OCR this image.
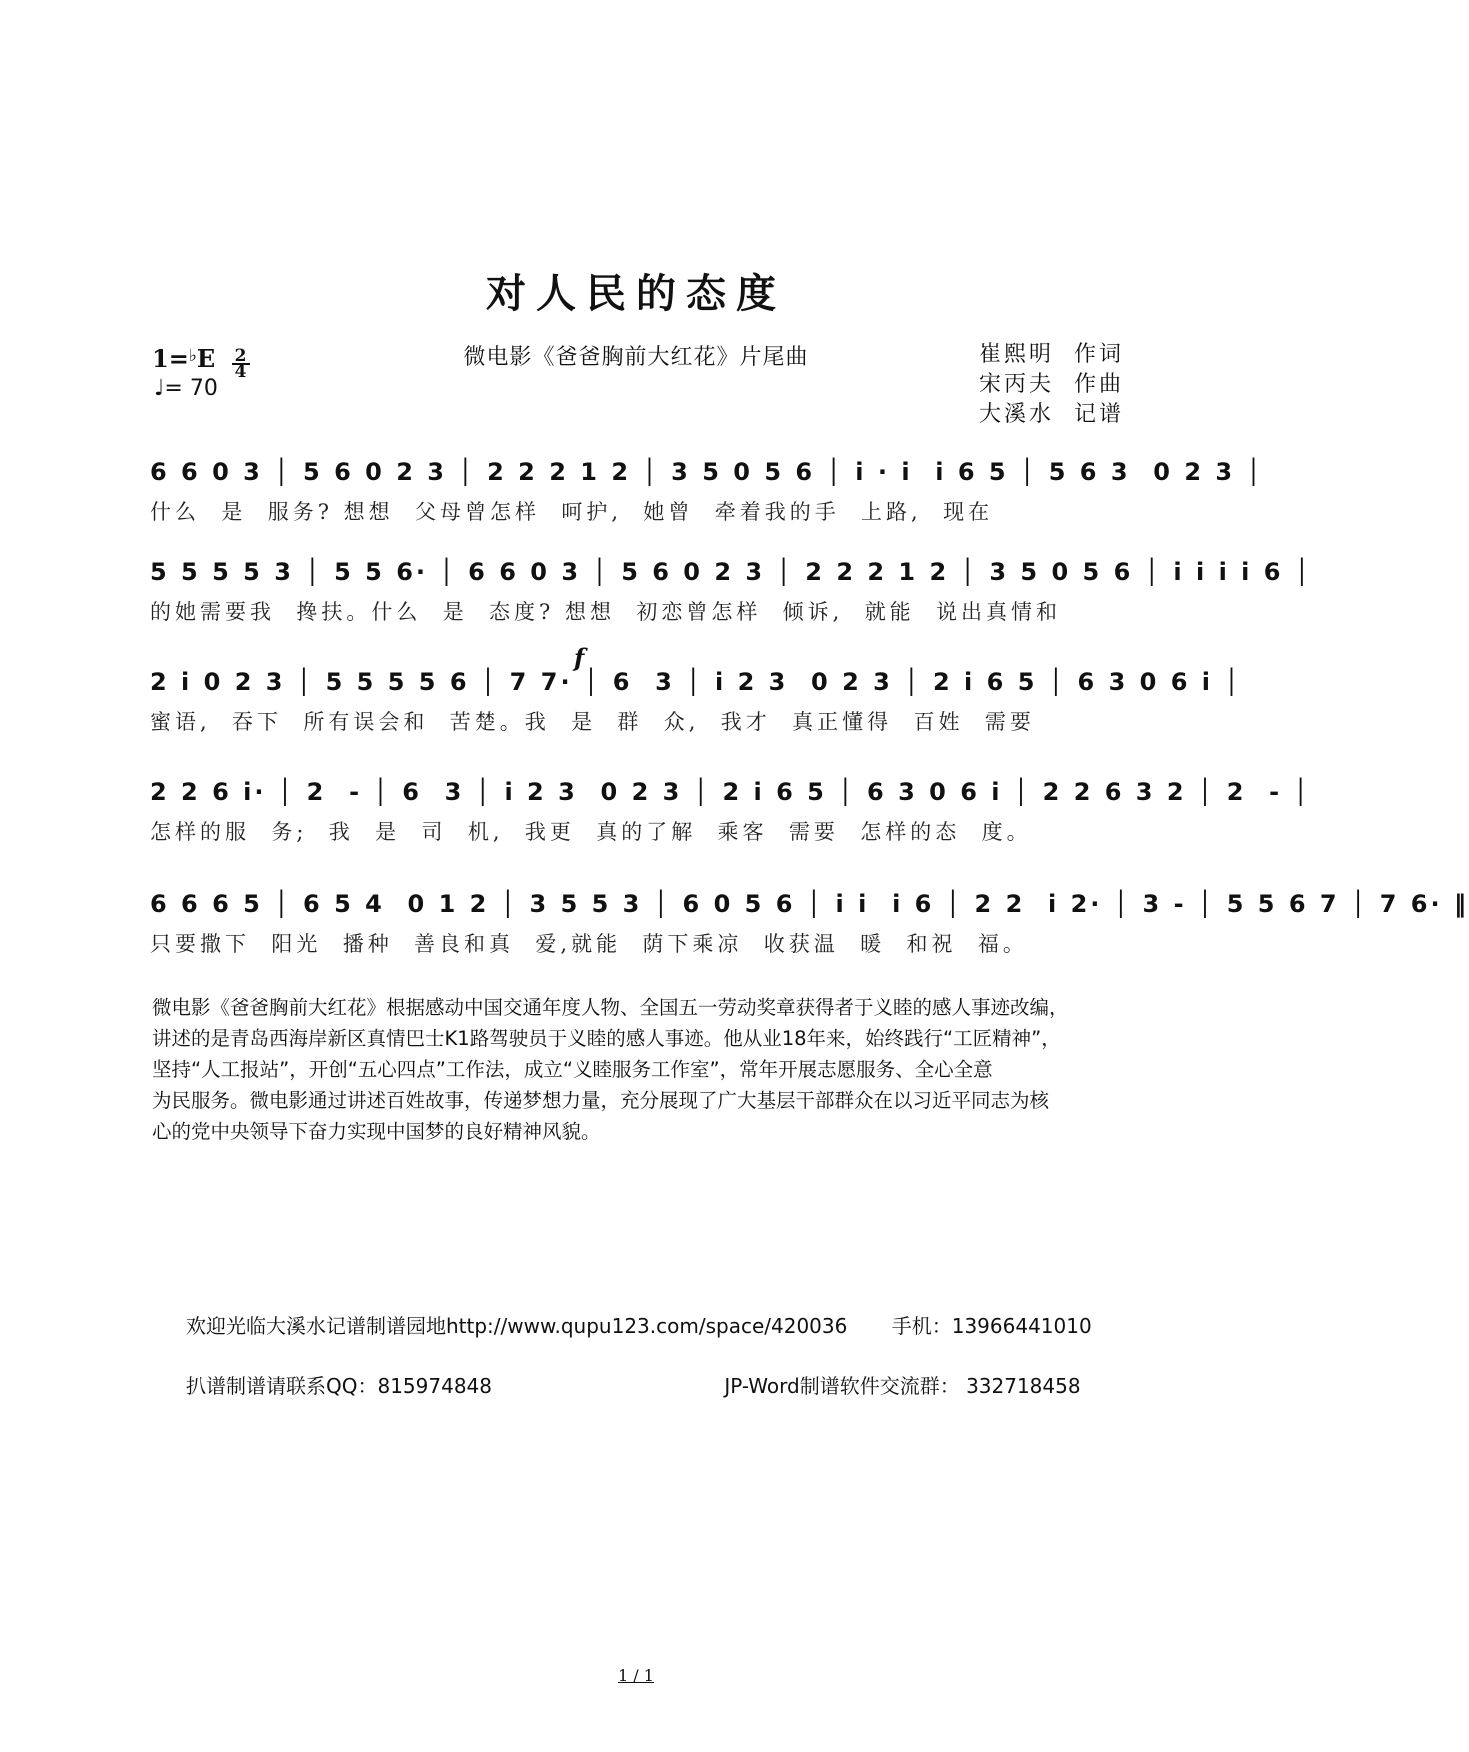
对人民的态度
$1=^♭E \frac{2}{4}$
♩= 70
微电影《爸爸胸前大红花》片尾曲	崔熙明  作词
宋丙夫  作曲
大溪水  记谱
f
6 6 0 3 │ 5 6 0 2 3 │ 2 2 2 1 2 │ 3 5 0 5 6 │ i · i  i 6 5 │ 5 6 3  0 2 3 │
什么  是  服务? 想想  父母曾怎样  呵护,  她曾  牵着我的手  上路,  现在
5 5 5 5 3 │ 5 5 6· │ 6 6 0 3 │ 5 6 0 2 3 │ 2 2 2 1 2 │ 3 5 0 5 6 │ i i i i 6 │
的她需要我  搀扶。什么  是  态度? 想想  初恋曾怎样  倾诉,  就能  说出真情和
2 i 0 2 3 │ 5 5 5 5 6 │ 7 7· │ 6  3 │ i 2 3  0 2 3 │ 2 i 6 5 │ 6 3 0 6 i │
蜜语,  吞下  所有误会和  苦楚。我  是  群  众,  我才  真正懂得  百姓  需要
2 2 6 i· │ 2  - │ 6  3 │ i 2 3  0 2 3 │ 2 i 6 5 │ 6 3 0 6 i │ 2 2 6 3 2 │ 2  - │
怎样的服  务;  我  是  司  机,  我更  真的了解  乘客  需要  怎样的态  度。
6 6 6 5 │ 6 5 4  0 1 2 │ 3 5 5 3 │ 6 0 5 6 │ i i  i 6 │ 2 2  i 2· │ 3 - │ 5 5 6 7 │ 7 6· ‖
只要撒下  阳光  播种  善良和真  爱,就能  荫下乘凉  收获温  暖  和祝  福。

微电影《爸爸胸前大红花》根据感动中国交通年度人物、全国五一劳动奖章获得者于义睦的感人事迹改编，

讲述的是青岛西海岸新区真情巴士K1路驾驶员于义睦的感人事迹。他从业18年来，始终践行“工匠精神”，

坚持“人工报站”，开创“五心四点”工作法，成立“义睦服务工作室”，常年开展志愿服务、全心全意

为民服务。微电影通过讲述百姓故事，传递梦想力量，充分展现了广大基层干部群众在以习近平同志为核

心的党中央领导下奋力实现中国梦的良好精神风貌。

欢迎光临大溪水记谱制谱园地http://www.qupu123.com/space/420036 手机：13966441010
扒谱制谱请联系QQ：815974848	JP-Word制谱软件交流群： 332718458
1 / 1
